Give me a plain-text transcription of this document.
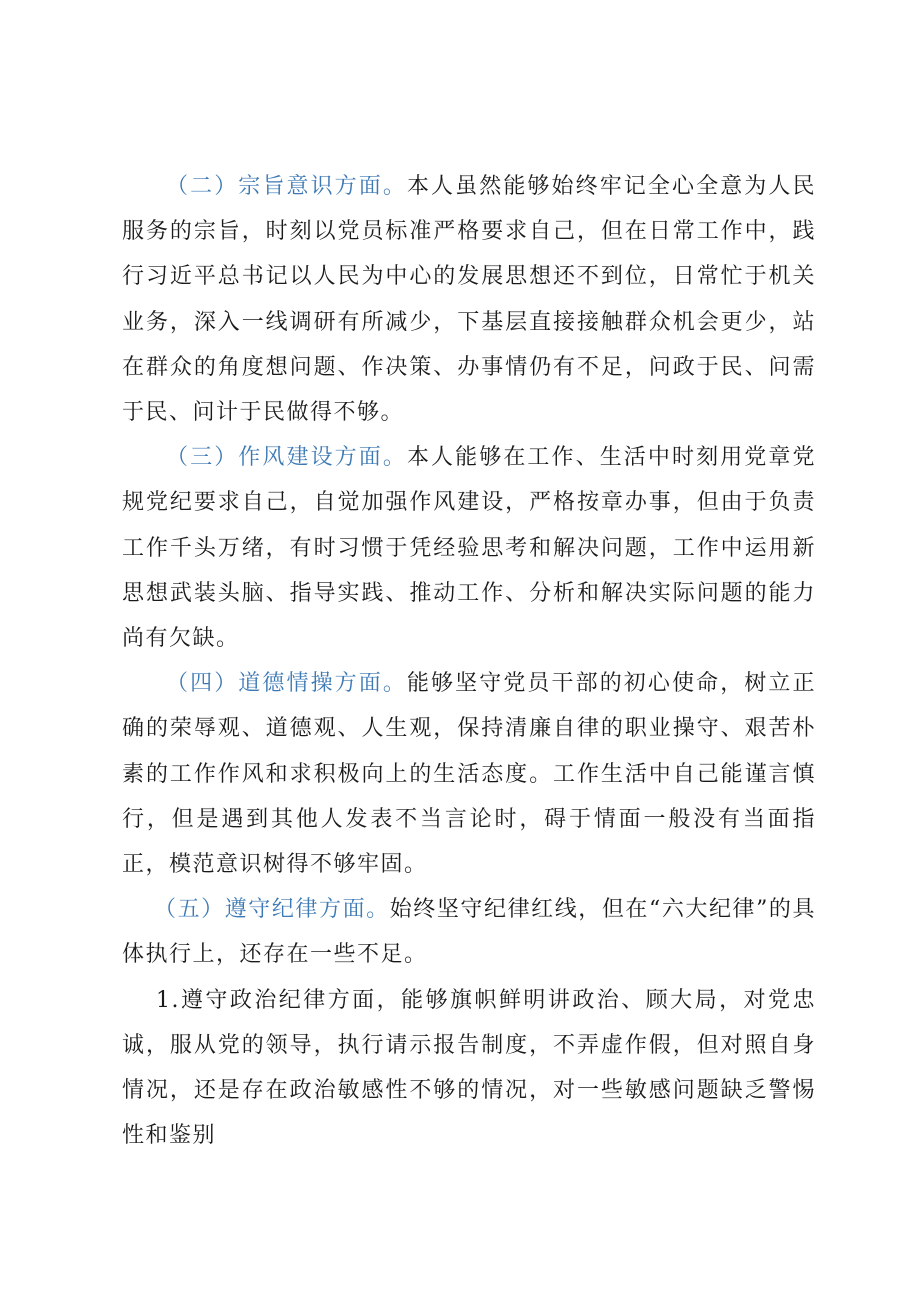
（二）宗旨意识方面。本人虽然能够始终牢记全心全意为人民服务的宗旨，时刻以党员标准严格要求自己，但在日常工作中，践行习近平总书记以人民为中心的发展思想还不到位，日常忙于机关业务，深入一线调研有所减少，下基层直接接触群众机会更少，站在群众的角度想问题、作决策、办事情仍有不足，问政于民、问需于民、问计于民做得不够。

（三）作风建设方面。本人能够在工作、生活中时刻用党章党规党纪要求自己，自觉加强作风建设，严格按章办事，但由于负责工作千头万绪，有时习惯于凭经验思考和解决问题，工作中运用新思想武装头脑、指导实践、推动工作、分析和解决实际问题的能力尚有欠缺。

（四）道德情操方面。能够坚守党员干部的初心使命，树立正确的荣辱观、道德观、人生观，保持清廉自律的职业操守、艰苦朴素的工作作风和求积极向上的生活态度。工作生活中自己能谨言慎行，但是遇到其他人发表不当言论时，碍于情面一般没有当面指正，模范意识树得不够牢固。

（五）遵守纪律方面。始终坚守纪律红线，但在“六大纪律”的具体执行上，还存在一些不足。

1.遵守政治纪律方面，能够旗帜鲜明讲政治、顾大局，对党忠诚，服从党的领导，执行请示报告制度，不弄虚作假，但对照自身情况，还是存在政治敏感性不够的情况，对一些敏感问题缺乏警惕性和鉴别
